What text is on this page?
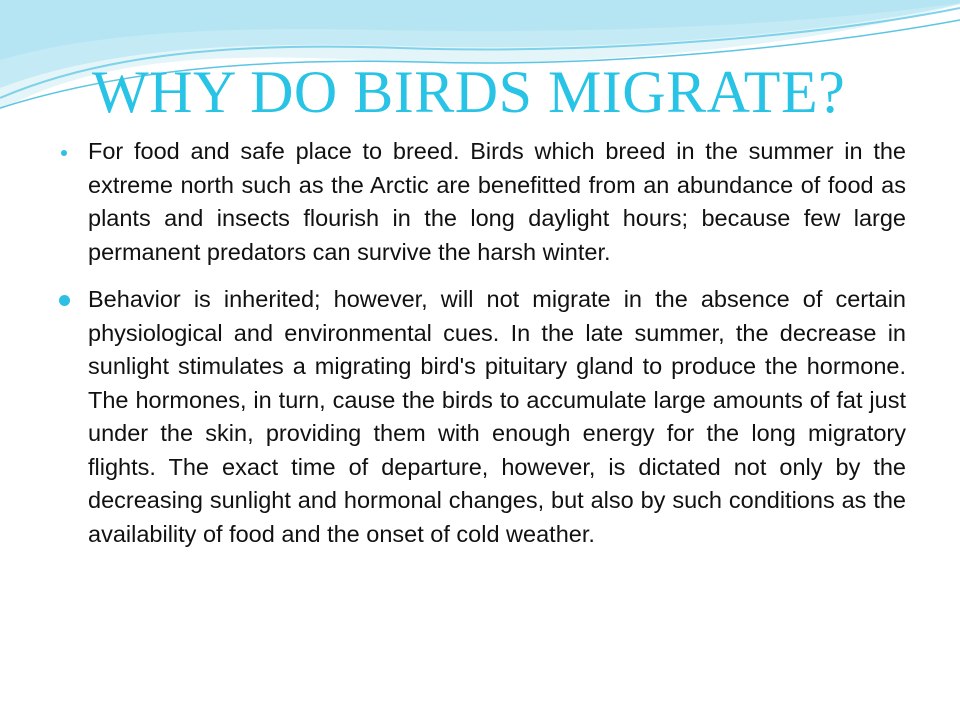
WHY DO BIRDS MIGRATE?

For food and safe place to breed. Birds which breed in the summer in the extreme north such as the Arctic are benefitted from an abundance of food as plants and insects flourish in the long daylight hours; because few large permanent predators can survive the harsh winter.

Behavior is inherited; however, will not migrate in the absence of certain physiological and environmental cues. In the late summer, the decrease in sunlight stimulates a migrating bird's pituitary gland to produce the hormone. The hormones, in turn, cause the birds to accumulate large amounts of fat just under the skin, providing them with enough energy for the long migratory flights. The exact time of departure, however, is dictated not only by the decreasing sunlight and hormonal changes, but also by such conditions as the availability of food and the onset of cold weather.
